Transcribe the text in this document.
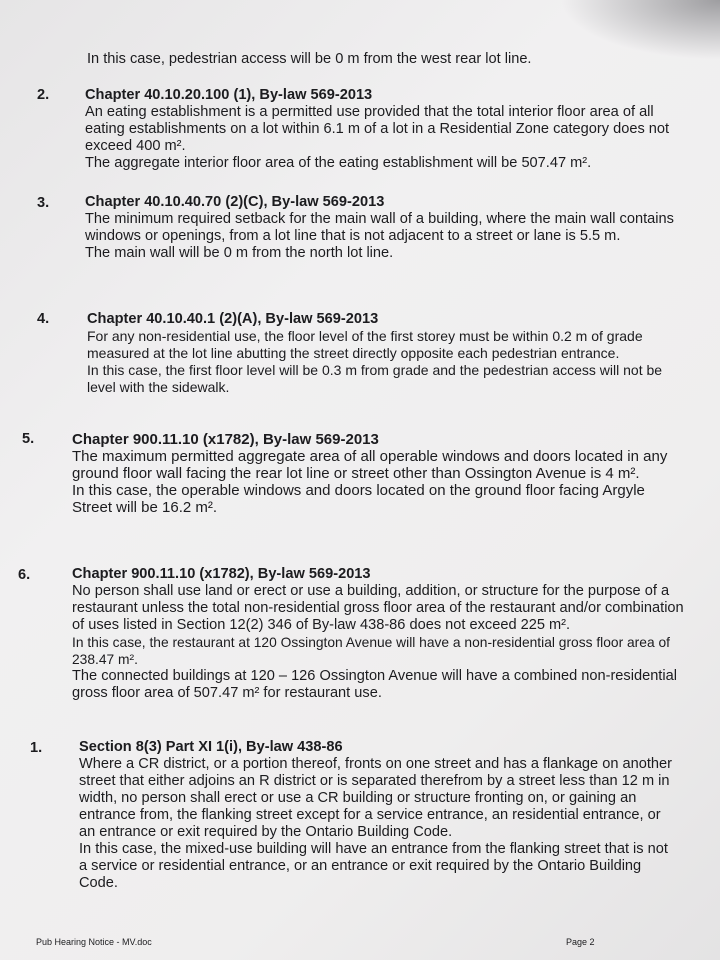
In this case, pedestrian access will be 0 m from the west rear lot line.
2. Chapter 40.10.20.100 (1), By-law 569-2013
An eating establishment is a permitted use provided that the total interior floor area of all eating establishments on a lot within 6.1 m of a lot in a Residential Zone category does not exceed 400 m².
The aggregate interior floor area of the eating establishment will be 507.47 m².
3. Chapter 40.10.40.70 (2)(C), By-law 569-2013
The minimum required setback for the main wall of a building, where the main wall contains windows or openings, from a lot line that is not adjacent to a street or lane is 5.5 m.
The main wall will be 0 m from the north lot line.
4.	Chapter 40.10.40.1 (2)(A), By-law 569-2013
For any non-residential use, the floor level of the first storey must be within 0.2 m of grade measured at the lot line abutting the street directly opposite each pedestrian entrance.
In this case, the first floor level will be 0.3 m from grade and the pedestrian access will not be level with the sidewalk.
5.	Chapter 900.11.10 (x1782), By-law 569-2013
The maximum permitted aggregate area of all operable windows and doors located in any ground floor wall facing the rear lot line or street other than Ossington Avenue is 4 m².
In this case, the operable windows and doors located on the ground floor facing Argyle Street will be 16.2 m².
6.	Chapter 900.11.10 (x1782), By-law 569-2013
No person shall use land or erect or use a building, addition, or structure for the purpose of a restaurant unless the total non-residential gross floor area of the restaurant and/or combination of uses listed in Section 12(2) 346 of By-law 438-86 does not exceed 225 m².
In this case, the restaurant at 120 Ossington Avenue will have a non-residential gross floor area of 238.47 m².
The connected buildings at 120 – 126 Ossington Avenue will have a combined non-residential gross floor area of 507.47 m² for restaurant use.
1.	Section 8(3) Part XI 1(i), By-law 438-86
Where a CR district, or a portion thereof, fronts on one street and has a flankage on another street that either adjoins an R district or is separated therefrom by a street less than 12 m in width, no person shall erect or use a CR building or structure fronting on, or gaining an entrance from, the flanking street except for a service entrance, an residential entrance, or an entrance or exit required by the Ontario Building Code.
In this case, the mixed-use building will have an entrance from the flanking street that is not a service or residential entrance, or an entrance or exit required by the Ontario Building Code.
Pub Hearing Notice - MV.doc	Page 2
